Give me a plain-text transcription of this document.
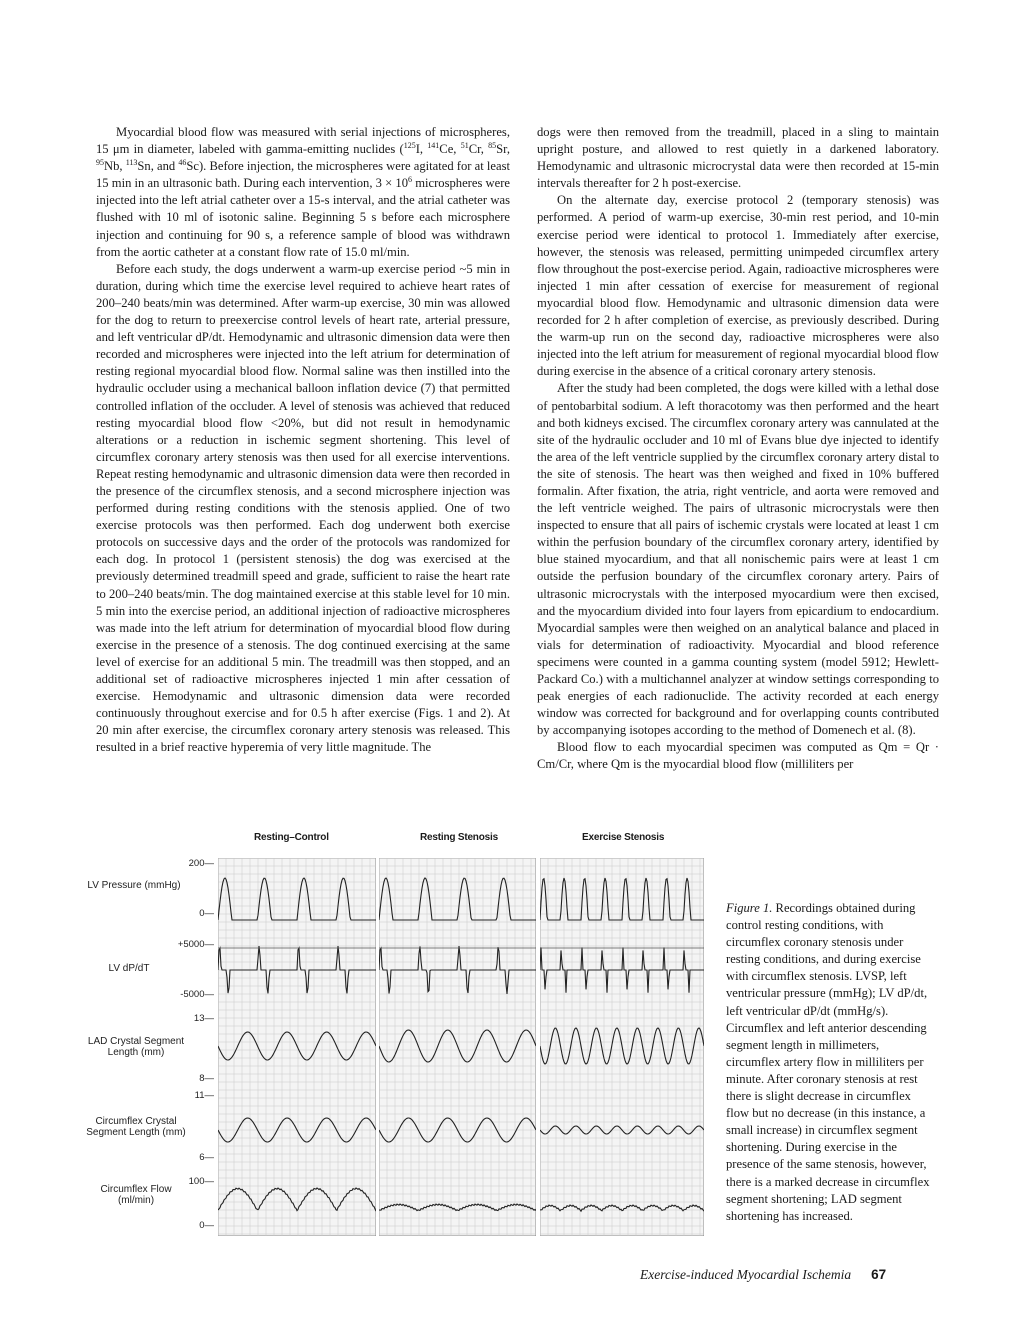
Myocardial blood flow was measured with serial injections of microspheres, 15 μm in diameter, labeled with gamma-emitting nuclides ($^{125}$I, $^{141}$Ce, $^{51}$Cr, $^{85}$Sr, $^{95}$Nb, $^{113}$Sn, and $^{46}$Sc). Before injection, the microspheres were agitated for at least 15 min in an ultrasonic bath. During each intervention, $3 \times 10^6$ microspheres were injected into the left atrial catheter over a 15-s interval, and the atrial catheter was flushed with 10 ml of isotonic saline. Beginning 5 s before each microsphere injection and continuing for 90 s, a reference sample of blood was withdrawn from the aortic catheter at a constant flow rate of 15.0 ml/min.

Before each study, the dogs underwent a warm-up exercise period ~5 min in duration, during which time the exercise level required to achieve heart rates of 200–240 beats/min was determined. After warm-up exercise, 30 min was allowed for the dog to return to preexercise control levels of heart rate, arterial pressure, and left ventricular dP/dt. Hemodynamic and ultrasonic dimension data were then recorded and microspheres were injected into the left atrium for determination of resting regional myocardial blood flow. Normal saline was then instilled into the hydraulic occluder using a mechanical balloon inflation device (7) that permitted controlled inflation of the occluder. A level of stenosis was achieved that reduced resting myocardial blood flow <20%, but did not result in hemodynamic alterations or a reduction in ischemic segment shortening. This level of circumflex coronary artery stenosis was then used for all exercise interventions. Repeat resting hemodynamic and ultrasonic dimension data were then recorded in the presence of the circumflex stenosis, and a second microsphere injection was performed during resting conditions with the stenosis applied. One of two exercise protocols was then performed. Each dog underwent both exercise protocols on successive days and the order of the protocols was randomized for each dog. In protocol 1 (persistent stenosis) the dog was exercised at the previously determined treadmill speed and grade, sufficient to raise the heart rate to 200–240 beats/min. The dog maintained exercise at this stable level for 10 min. 5 min into the exercise period, an additional injection of radioactive microspheres was made into the left atrium for determination of myocardial blood flow during exercise in the presence of a stenosis. The dog continued exercising at the same level of exercise for an additional 5 min. The treadmill was then stopped, and an additional set of radioactive microspheres injected 1 min after cessation of exercise. Hemodynamic and ultrasonic dimension data were recorded continuously throughout exercise and for 0.5 h after exercise (Figs. 1 and 2). At 20 min after exercise, the circumflex coronary artery stenosis was released. This resulted in a brief reactive hyperemia of very little magnitude. The

dogs were then removed from the treadmill, placed in a sling to maintain upright posture, and allowed to rest quietly in a darkened laboratory. Hemodynamic and ultrasonic microcrystal data were then recorded at 15-min intervals thereafter for 2 h post-exercise.

On the alternate day, exercise protocol 2 (temporary stenosis) was performed. A period of warm-up exercise, 30-min rest period, and 10-min exercise period were identical to protocol 1. Immediately after exercise, however, the stenosis was released, permitting unimpeded circumflex artery flow throughout the post-exercise period. Again, radioactive microspheres were injected 1 min after cessation of exercise for measurement of regional myocardial blood flow. Hemodynamic and ultrasonic dimension data were recorded for 2 h after completion of exercise, as previously described. During the warm-up run on the second day, radioactive microspheres were also injected into the left atrium for measurement of regional myocardial blood flow during exercise in the absence of a critical coronary artery stenosis.

After the study had been completed, the dogs were killed with a lethal dose of pentobarbital sodium. A left thoracotomy was then performed and the heart and both kidneys excised. The circumflex coronary artery was cannulated at the site of the hydraulic occluder and 10 ml of Evans blue dye injected to identify the area of the left ventricle supplied by the circumflex coronary artery distal to the site of stenosis. The heart was then weighed and fixed in 10% buffered formalin. After fixation, the atria, right ventricle, and aorta were removed and the left ventricle weighed. The pairs of ultrasonic microcrystals were then inspected to ensure that all pairs of ischemic crystals were located at least 1 cm within the perfusion boundary of the circumflex coronary artery, identified by blue stained myocardium, and that all nonischemic pairs were at least 1 cm outside the perfusion boundary of the circumflex coronary artery. Pairs of ultrasonic microcrystals with the interposed myocardium were then excised, and the myocardium divided into four layers from epicardium to endocardium. Myocardial samples were then weighed on an analytical balance and placed in vials for determination of radioactivity. Myocardial and blood reference specimens were counted in a gamma counting system (model 5912; Hewlett-Packard Co.) with a multichannel analyzer at window settings corresponding to peak energies of each radionuclide. The activity recorded at each energy window was corrected for background and for overlapping counts contributed by accompanying isotopes according to the method of Domenech et al. (8).

Blood flow to each myocardial specimen was computed as Qm = Qr · Cm/Cr, where Qm is the myocardial blood flow (milliliters per

Resting–Control	Resting Stenosis	Exercise Stenosis
LV Pressure (mmHg)
LV dP/dT
LAD Crystal Segment Length (mm)
Circumflex Crystal Segment Length (mm)
Circumflex Flow (ml/min)
200—
0—
+5000—
-5000—
13—
8—
11—
6—
100—
0—
Figure 1. Recordings obtained during control resting conditions, with circumflex coronary stenosis under resting conditions, and during exercise with circumflex stenosis. LVSP, left ventricular pressure (mmHg); LV dP/dt, left ventricular dP/dt (mmHg/s). Circumflex and left anterior descending segment length in millimeters, circumflex artery flow in milliliters per minute. After coronary stenosis at rest there is slight decrease in circumflex flow but no decrease (in this instance, a small increase) in circumflex segment shortening. During exercise in the presence of the same stenosis, however, there is a marked decrease in circumflex segment shortening; LAD segment shortening has increased.
Exercise-induced Myocardial Ischemia 67
